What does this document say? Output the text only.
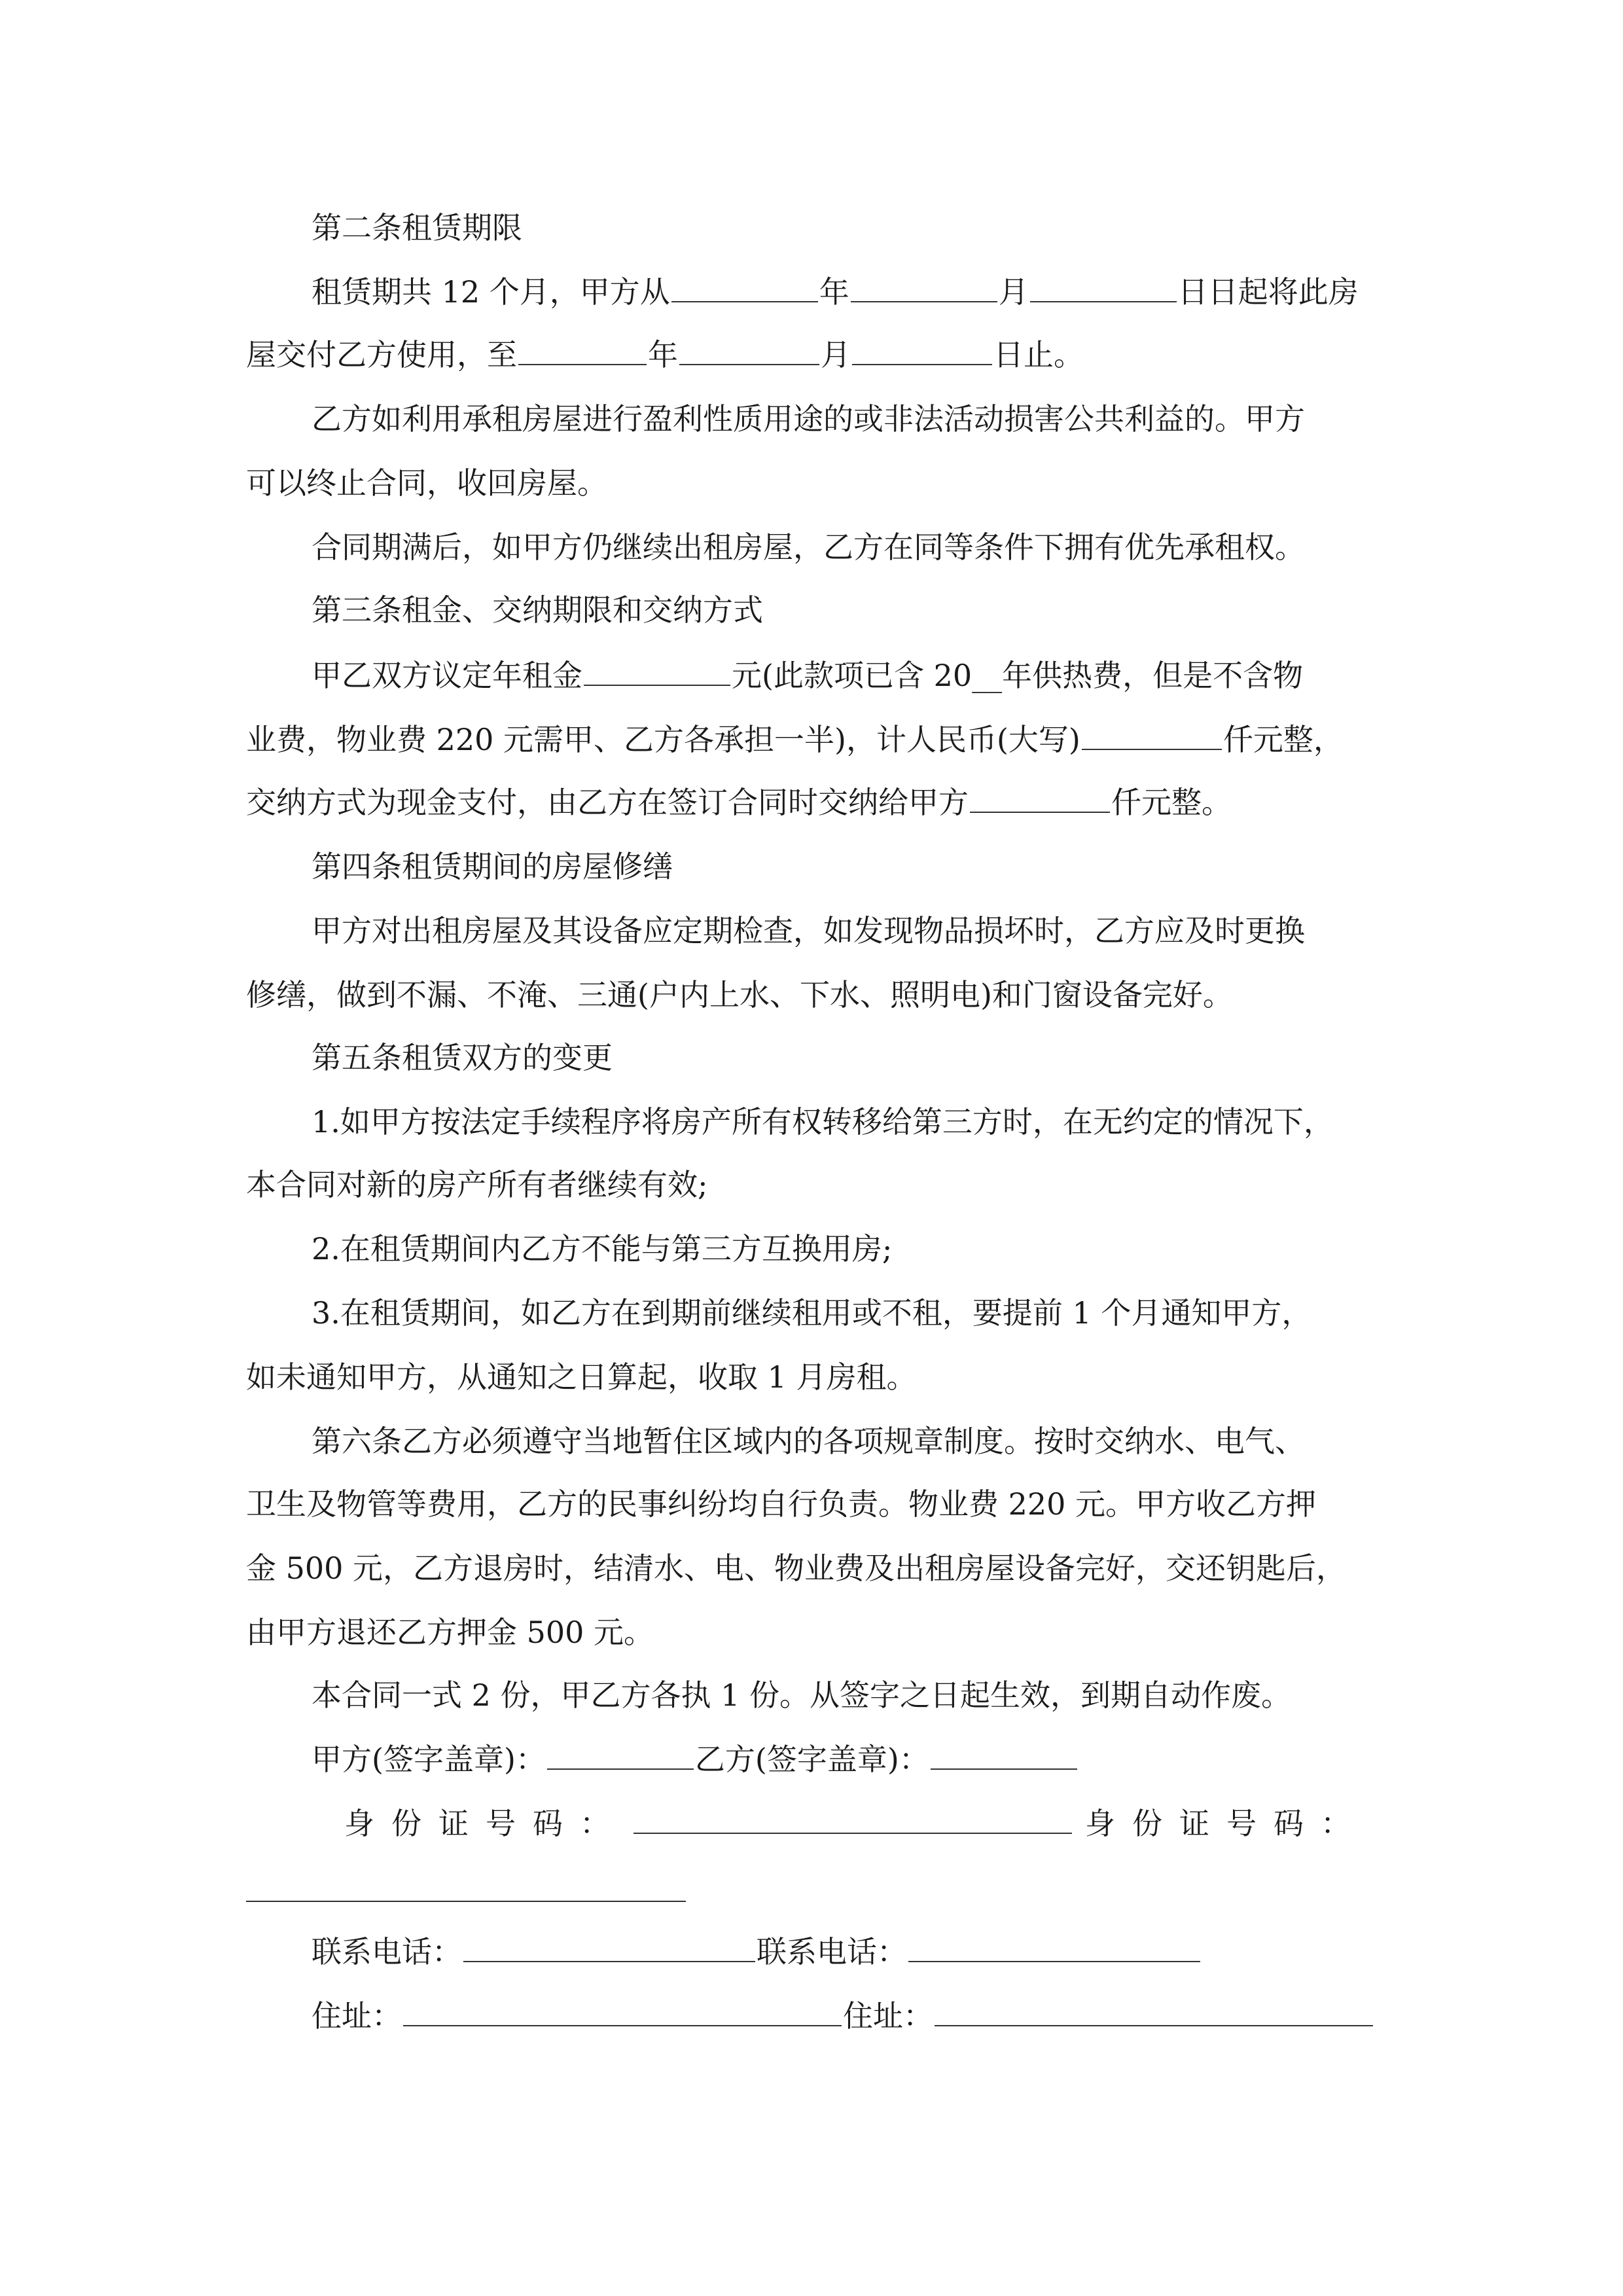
第二条租赁期限
租赁期共 12 个月，甲方从	年	月	日日起将此房
屋交付乙方使用，至	年	月	日止。
乙方如利用承租房屋进行盈利性质用途的或非法活动损害公共利益的。甲方
可以终止合同，收回房屋。
合同期满后，如甲方仍继续出租房屋，乙方在同等条件下拥有优先承租权。
第三条租金、交纳期限和交纳方式
甲乙双方议定年租金	元(此款项已含 20__年供热费，但是不含物
业费，物业费 220 元需甲、乙方各承担一半)，计人民币(大写)	仟元整，
交纳方式为现金支付，由乙方在签订合同时交纳给甲方	仟元整。
第四条租赁期间的房屋修缮
甲方对出租房屋及其设备应定期检查，如发现物品损坏时，乙方应及时更换
修缮，做到不漏、不淹、三通(户内上水、下水、照明电)和门窗设备完好。
第五条租赁双方的变更
1.如甲方按法定手续程序将房产所有权转移给第三方时，在无约定的情况下，
本合同对新的房产所有者继续有效;
2.在租赁期间内乙方不能与第三方互换用房;
3.在租赁期间，如乙方在到期前继续租用或不租，要提前 1 个月通知甲方，
如未通知甲方，从通知之日算起，收取 1 月房租。
第六条乙方必须遵守当地暂住区域内的各项规章制度。按时交纳水、电气、
卫生及物管等费用，乙方的民事纠纷均自行负责。物业费 220 元。甲方收乙方押
金 500 元，乙方退房时，结清水、电、物业费及出租房屋设备完好，交还钥匙后，
由甲方退还乙方押金 500 元。
本合同一式 2 份，甲乙方各执 1 份。从签字之日起生效，到期自动作废。
甲方(签字盖章)：	乙方(签字盖章)：
身份证号码：	身份证号码：
联系电话：	联系电话：
住址：	住址：
